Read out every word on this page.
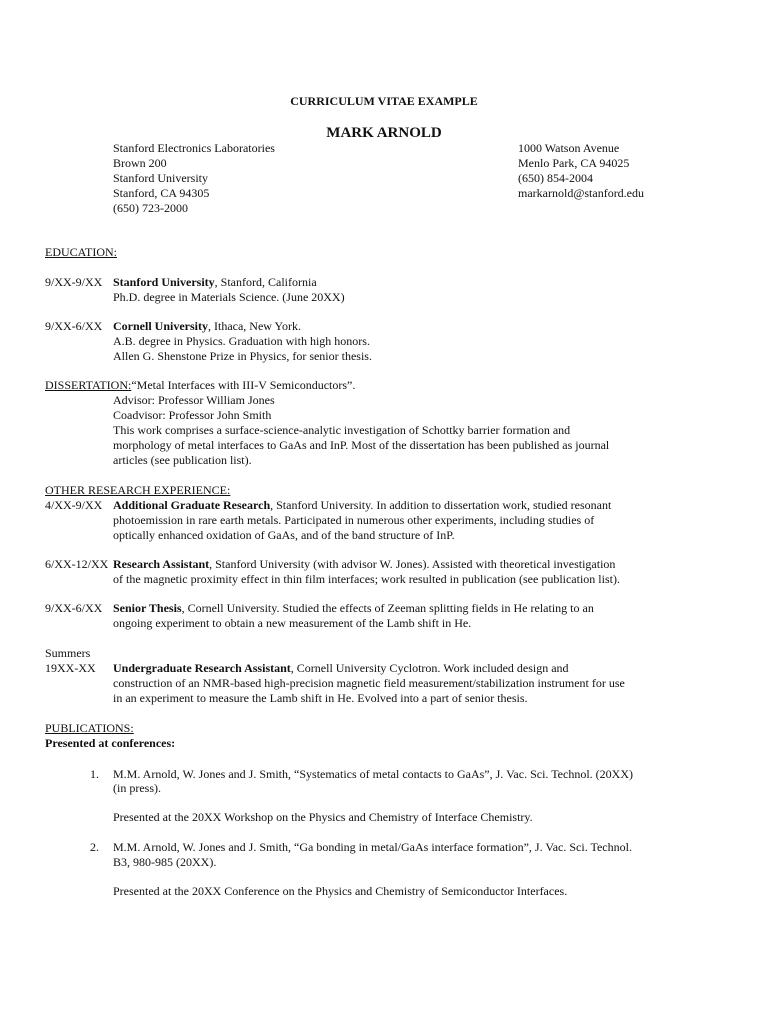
CURRICULUM VITAE EXAMPLE
MARK ARNOLD
Stanford Electronics Laboratories
Brown 200
Stanford University
Stanford, CA 94305
(650) 723-2000
1000 Watson Avenue
Menlo Park, CA 94025
(650) 854-2004
markarnold@stanford.edu
EDUCATION:
9/XX-9/XX Stanford University, Stanford, California
Ph.D. degree in Materials Science. (June 20XX)
9/XX-6/XX Cornell University, Ithaca, New York.
A.B. degree in Physics. Graduation with high honors.
Allen G. Shenstone Prize in Physics, for senior thesis.
DISSERTATION:“Metal Interfaces with III-V Semiconductors”.
Advisor: Professor William Jones
Coadvisor: Professor John Smith
This work comprises a surface-science-analytic investigation of Schottky barrier formation and
morphology of metal interfaces to GaAs and InP. Most of the dissertation has been published as journal
articles (see publication list).
OTHER RESEARCH EXPERIENCE:
4/XX-9/XX Additional Graduate Research, Stanford University. In addition to dissertation work, studied resonant
photoemission in rare earth metals. Participated in numerous other experiments, including studies of
optically enhanced oxidation of GaAs, and of the band structure of InP.
6/XX-12/XX Research Assistant, Stanford University (with advisor W. Jones). Assisted with theoretical investigation
of the magnetic proximity effect in thin film interfaces; work resulted in publication (see publication list).
9/XX-6/XX Senior Thesis, Cornell University. Studied the effects of Zeeman splitting fields in He relating to an
ongoing experiment to obtain a new measurement of the Lamb shift in He.
Summers
19XX-XX Undergraduate Research Assistant, Cornell University Cyclotron. Work included design and
construction of an NMR-based high-precision magnetic field measurement/stabilization instrument for use
in an experiment to measure the Lamb shift in He. Evolved into a part of senior thesis.
PUBLICATIONS:
Presented at conferences:
1. M.M. Arnold, W. Jones and J. Smith, “Systematics of metal contacts to GaAs”, J. Vac. Sci. Technol. (20XX)
(in press).
Presented at the 20XX Workshop on the Physics and Chemistry of Interface Chemistry.
2. M.M. Arnold, W. Jones and J. Smith, “Ga bonding in metal/GaAs interface formation”, J. Vac. Sci. Technol.
B3, 980-985 (20XX).
Presented at the 20XX Conference on the Physics and Chemistry of Semiconductor Interfaces.
